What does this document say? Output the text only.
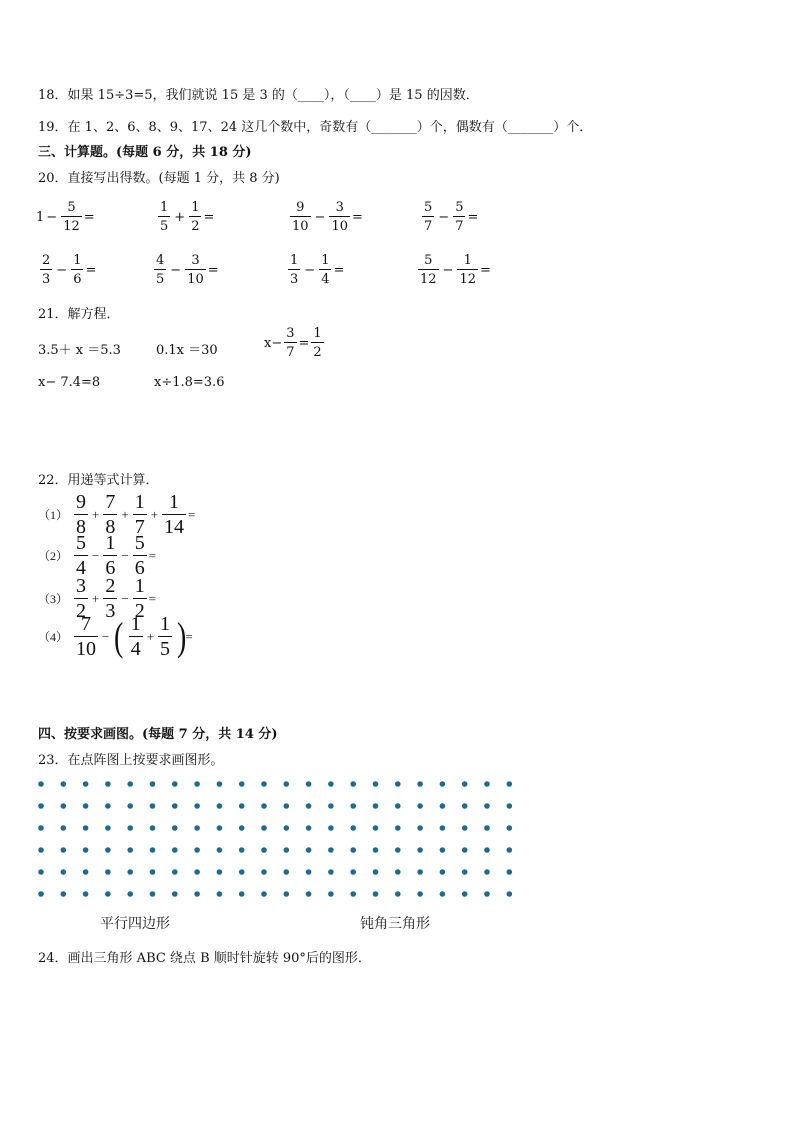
18．如果 15÷3=5，我们就说 15 是 3 的（____），（____）是 15 的因数．
19．在 1、2、6、8、9、17、24 这几个数中，奇数有（_______）个，偶数有（_______）个．
三、计算题。(每题 6 分，共 18 分)
20．直接写出得数。(每题 1 分，共 8 分)
$1 - \frac{5}{12}$ =	$\frac{1}{5} + \frac{1}{2}$ =	$\frac{9}{10} - \frac{3}{10}$ =	$\frac{5}{7} - \frac{5}{7}$ =
$\frac{2}{3} - \frac{1}{6}$ =	$\frac{4}{5} - \frac{3}{10}$ =	$\frac{1}{3} - \frac{1}{4}$ =	$\frac{5}{12} - \frac{1}{12}$ =
21．解方程．
3.5＋ x ＝5.3	0.1x ＝30	$x- \frac{3}{7} = \frac{1}{2}$
x− 7.4=8	x÷1.8=3.6
22．用递等式计算．
$(1) \frac{9}{8} + \frac{7}{8} + \frac{1}{7} + \frac{1}{14}$ =
$(2) \frac{5}{4} - \frac{1}{6} - \frac{5}{6}$ =
$(3) \frac{3}{2} + \frac{2}{3} - \frac{1}{2}$ =
$(4) \frac{7}{10}$ − ( $\frac{1}{4} + \frac{1}{5}$ )
=
四、按要求画图。(每题 7 分，共 14 分)
23．在点阵图上按要求画图形。
平行四边形	钝角三角形
24．画出三角形 ABC 绕点 B 顺时针旋转 90°后的图形．
